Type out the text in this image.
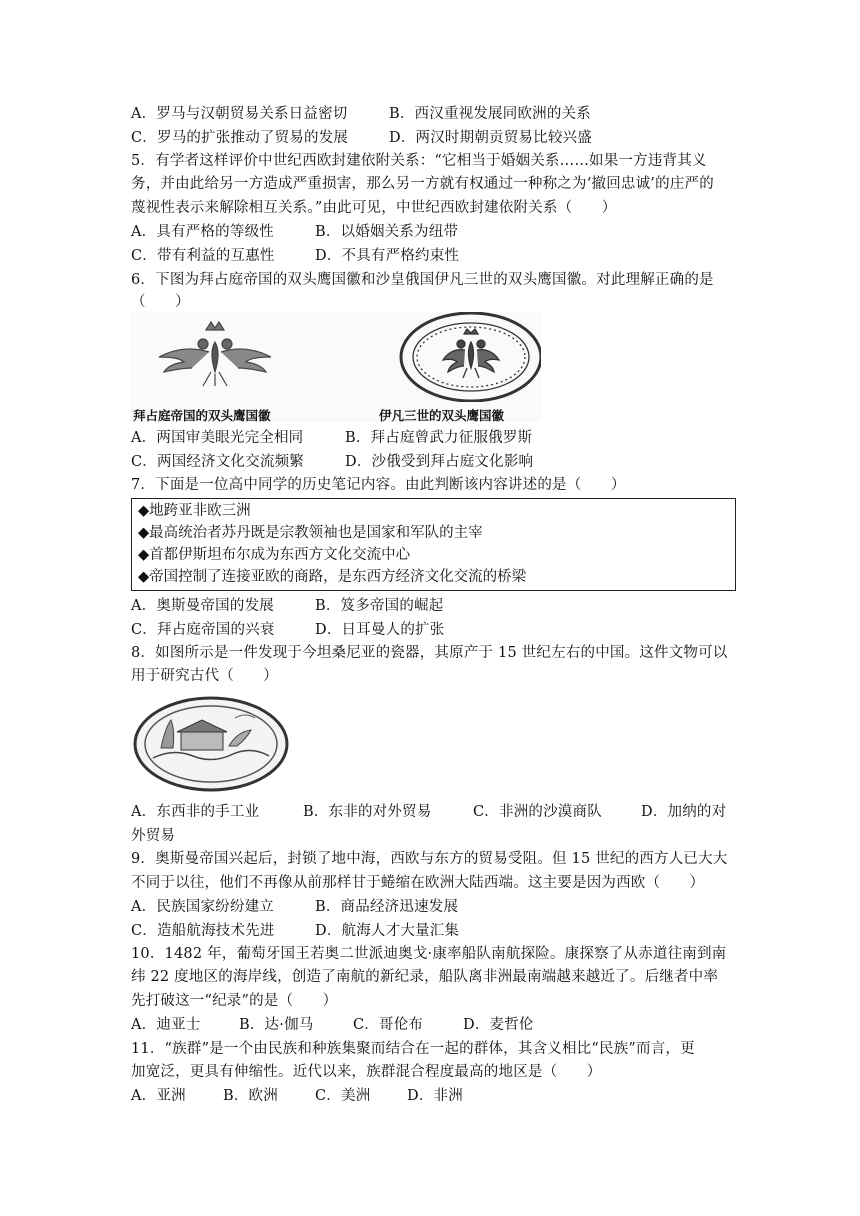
A．罗马与汉朝贸易关系日益密切	B．西汉重视发展同欧洲的关系
C．罗马的扩张推动了贸易的发展	D．两汉时期朝贡贸易比较兴盛
5．有学者这样评价中世纪西欧封建依附关系：“它相当于婚姻关系……如果一方违背其义
务，并由此给另一方造成严重损害，那么另一方就有权通过一种称之为‘撤回忠诚’的庄严的
蔑视性表示来解除相互关系。”由此可见，中世纪西欧封建依附关系（　　）
A．具有严格的等级性	B．以婚姻关系为纽带
C．带有利益的互惠性	D．不具有严格约束性
6．下图为拜占庭帝国的双头鹰国徽和沙皇俄国伊凡三世的双头鹰国徽。对此理解正确的是
（　　）
拜占庭帝国的双头鹰国徽	伊凡三世的双头鹰国徽
A．两国审美眼光完全相同	B．拜占庭曾武力征服俄罗斯
C．两国经济文化交流频繁	D．沙俄受到拜占庭文化影响
7．下面是一位高中同学的历史笔记内容。由此判断该内容讲述的是（　　）
◆地跨亚非欧三洲
◆最高统治者苏丹既是宗教领袖也是国家和军队的主宰
◆首都伊斯坦布尔成为东西方文化交流中心
◆帝国控制了连接亚欧的商路，是东西方经济文化交流的桥梁
A．奥斯曼帝国的发展	B．笈多帝国的崛起
C．拜占庭帝国的兴衰	D．日耳曼人的扩张
8．如图所示是一件发现于今坦桑尼亚的瓷器，其原产于 15 世纪左右的中国。这件文物可以
用于研究古代（　　）
A．东西非的手工业	B．东非的对外贸易	C．非洲的沙漠商队	D．加纳的对
外贸易
9．奥斯曼帝国兴起后，封锁了地中海，西欧与东方的贸易受阻。但 15 世纪的西方人已大大
不同于以往，他们不再像从前那样甘于蜷缩在欧洲大陆西端。这主要是因为西欧（　　）
A．民族国家纷纷建立	B．商品经济迅速发展
C．造船航海技术先进	D．航海人才大量汇集
10．1482 年，葡萄牙国王若奥二世派迪奥戈·康率船队南航探险。康探察了从赤道往南到南
纬 22 度地区的海岸线，创造了南航的新纪录，船队离非洲最南端越来越近了。后继者中率
先打破这一“纪录”的是（　　）
A．迪亚士	B．达·伽马	C．哥伦布	D．麦哲伦
11．“族群”是一个由民族和种族集聚而结合在一起的群体，其含义相比“民族”而言，更
加宽泛，更具有伸缩性。近代以来，族群混合程度最高的地区是（　　）
A．亚洲	B．欧洲	C．美洲	D．非洲
